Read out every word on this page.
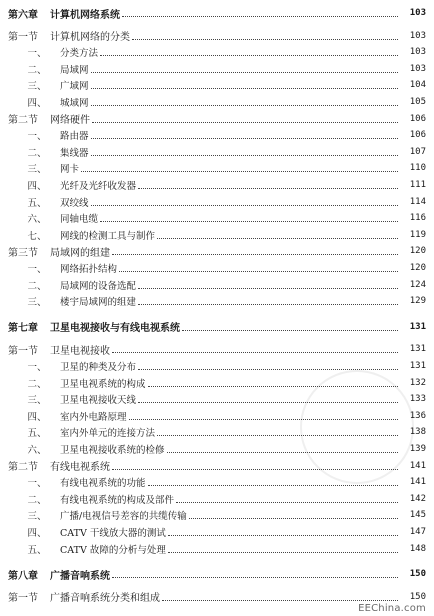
第六章	计算机网络系统	103
第一节	计算机网络的分类	103
一、	分类方法	103
二、	局域网	103
三、	广域网	104
四、	城域网	105
第二节	网络硬件	106
一、	路由器	106
二、	集线器	107
三、	网卡	110
四、	光纤及光纤收发器	111
五、	双绞线	114
六、	同轴电缆	116
七、	网线的检测工具与制作	119
第三节	局域网的组建	120
一、	网络拓扑结构	120
二、	局域网的设备选配	124
三、	楼宇局域网的组建	129
第七章	卫星电视接收与有线电视系统	131
第一节	卫星电视接收	131
一、	卫星的种类及分布	131
二、	卫星电视系统的构成	132
三、	卫星电视接收天线	133
四、	室内外电路原理	136
五、	室内外单元的连接方法	138
六、	卫星电视接收系统的检修	139
第二节	有线电视系统	141
一、	有线电视系统的功能	141
二、	有线电视系统的构成及部件	142
三、	广播/电视信号差容的共缆传输	145
四、	CATV 干线放大器的测试	147
五、	CATV 故障的分析与处理	148
第八章	广播音响系统	150
第一节	广播音响系统分类和组成	150
EEChina.com
